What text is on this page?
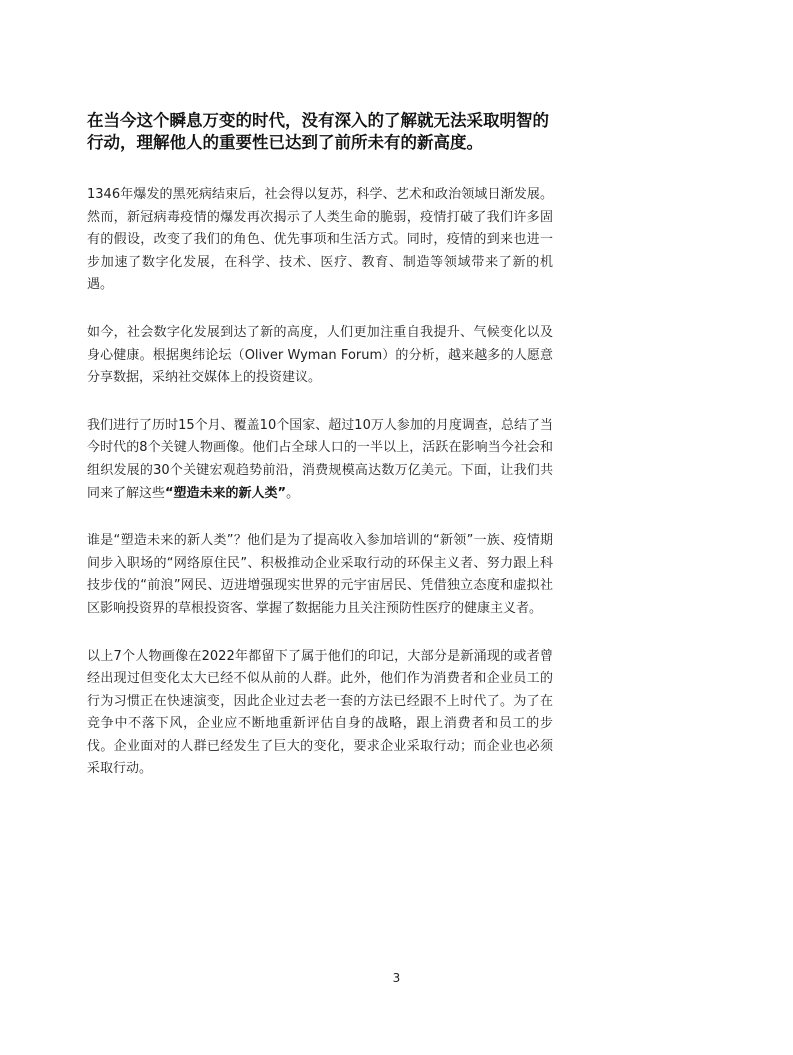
在当今这个瞬息万变的时代，没有深入的了解就无法采取明智的行动，理解他人的重要性已达到了前所未有的新高度。

1346年爆发的黑死病结束后，社会得以复苏，科学、艺术和政治领域日渐发展。然而，新冠病毒疫情的爆发再次揭示了人类生命的脆弱，疫情打破了我们许多固有的假设，改变了我们的角色、优先事项和生活方式。同时，疫情的到来也进一步加速了数字化发展，在科学、技术、医疗、教育、制造等领域带来了新的机遇。

如今，社会数字化发展到达了新的高度，人们更加注重自我提升、气候变化以及身心健康。根据奥纬论坛（Oliver Wyman Forum）的分析，越来越多的人愿意分享数据，采纳社交媒体上的投资建议。

我们进行了历时15个月、覆盖10个国家、超过10万人参加的月度调查，总结了当今时代的8个关键人物画像。他们占全球人口的一半以上，活跃在影响当今社会和组织发展的30个关键宏观趋势前沿，消费规模高达数万亿美元。下面，让我们共同来了解这些“塑造未来的新人类”。

谁是“塑造未来的新人类”？他们是为了提高收入参加培训的“新领”一族、疫情期间步入职场的“网络原住民”、积极推动企业采取行动的环保主义者、努力跟上科技步伐的“前浪”网民、迈进增强现实世界的元宇宙居民、凭借独立态度和虚拟社区影响投资界的草根投资客、掌握了数据能力且关注预防性医疗的健康主义者。

以上7个人物画像在2022年都留下了属于他们的印记，大部分是新涌现的或者曾经出现过但变化太大已经不似从前的人群。此外，他们作为消费者和企业员工的行为习惯正在快速演变，因此企业过去老一套的方法已经跟不上时代了。为了在竞争中不落下风，企业应不断地重新评估自身的战略，跟上消费者和员工的步伐。企业面对的人群已经发生了巨大的变化，要求企业采取行动；而企业也必须采取行动。

3
